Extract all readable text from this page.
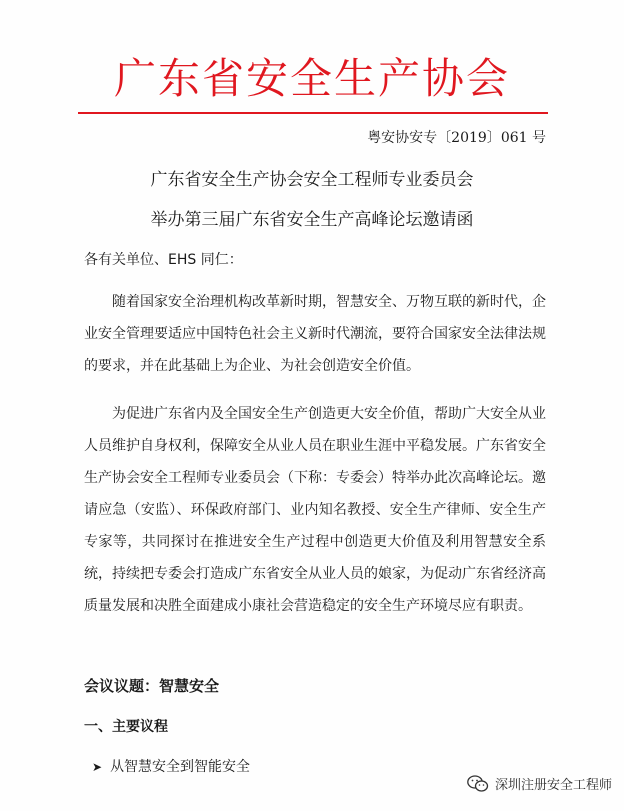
广东省安全生产协会
粤安协安专〔2019〕061 号
广东省安全生产协会安全工程师专业委员会
举办第三届广东省安全生产高峰论坛邀请函
各有关单位、EHS 同仁：

随着国家安全治理机构改革新时期，智慧安全、万物互联的新时代，企业安全管理要适应中国特色社会主义新时代潮流，要符合国家安全法律法规的要求，并在此基础上为企业、为社会创造安全价值。

为促进广东省内及全国安全生产创造更大安全价值，帮助广大安全从业人员维护自身权利，保障安全从业人员在职业生涯中平稳发展。广东省安全生产协会安全工程师专业委员会（下称：专委会）特举办此次高峰论坛。邀请应急（安监）、环保政府部门、业内知名教授、安全生产律师、安全生产专家等，共同探讨在推进安全生产过程中创造更大价值及利用智慧安全系统，持续把专委会打造成广东省安全从业人员的娘家，为促动广东省经济高质量发展和决胜全面建成小康社会营造稳定的安全生产环境尽应有职责。

会议议题：智慧安全
一、主要议程
➤ 从智慧安全到智能安全
深圳注册安全工程师
